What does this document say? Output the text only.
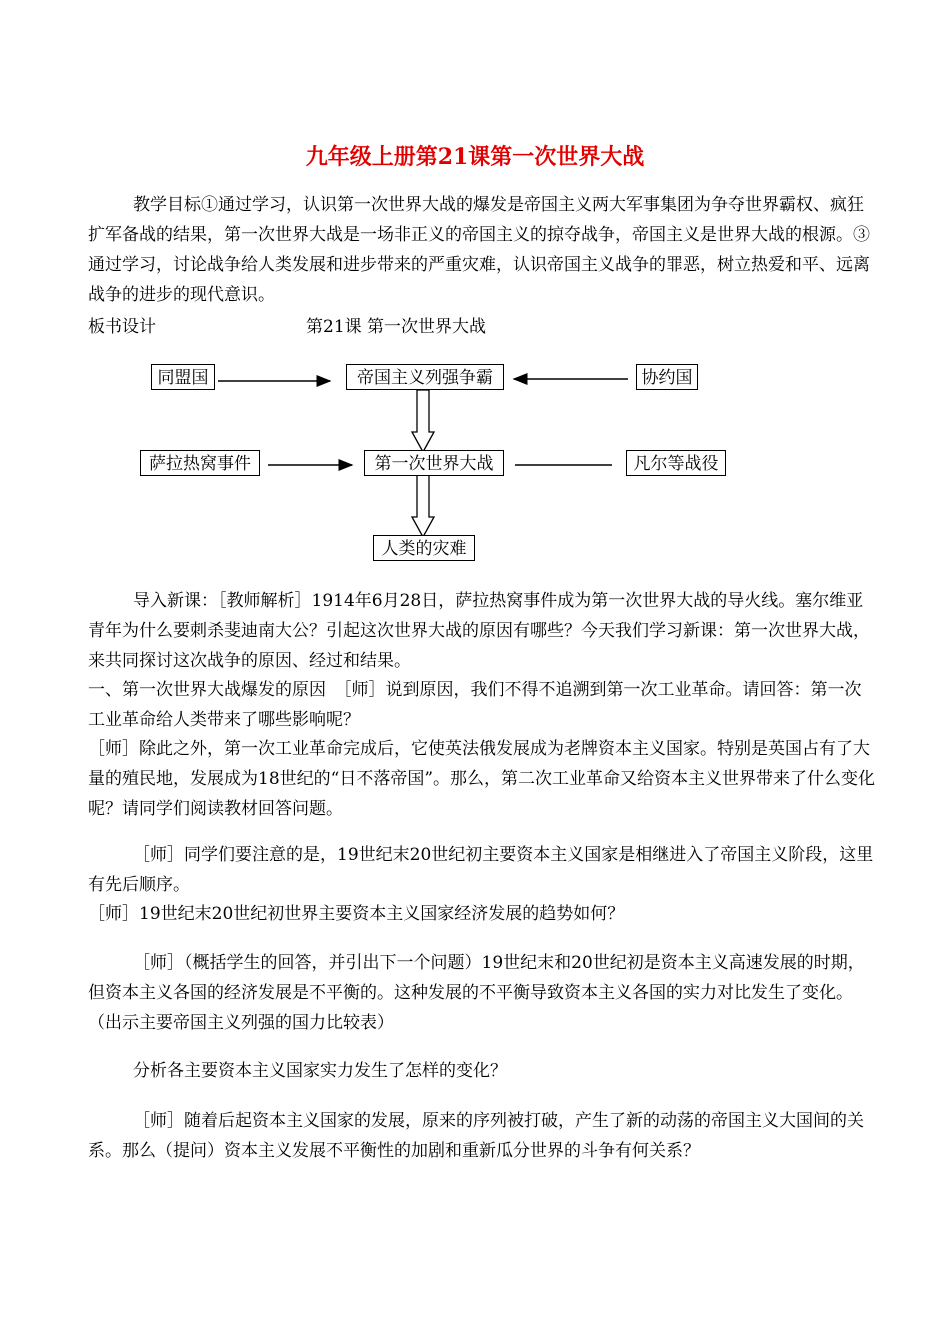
九年级上册第21课第一次世界大战

教学目标①通过学习，认识第一次世界大战的爆发是帝国主义两大军事集团为争夺世界霸权、疯狂扩军备战的结果，第一次世界大战是一场非正义的帝国主义的掠夺战争，帝国主义是世界大战的根源。③通过学习，讨论战争给人类发展和进步带来的严重灾难，认识帝国主义战争的罪恶，树立热爱和平、远离战争的进步的现代意识。

板书设计	第21课 第一次世界大战
同盟国	帝国主义列强争霸	协约国
萨拉热窝事件	第一次世界大战	凡尔等战役
人类的灾难

导入新课：［教师解析］1914年6月28日，萨拉热窝事件成为第一次世界大战的导火线。塞尔维亚青年为什么要刺杀斐迪南大公？引起这次世界大战的原因有哪些？今天我们学习新课：第一次世界大战，来共同探讨这次战争的原因、经过和结果。

一、第一次世界大战爆发的原因　［师］说到原因，我们不得不追溯到第一次工业革命。请回答：第一次工业革命给人类带来了哪些影响呢？

［师］除此之外，第一次工业革命完成后，它使英法俄发展成为老牌资本主义国家。特别是英国占有了大量的殖民地，发展成为18世纪的“日不落帝国”。那么，第二次工业革命又给资本主义世界带来了什么变化呢？请同学们阅读教材回答问题。

［师］同学们要注意的是，19世纪末20世纪初主要资本主义国家是相继进入了帝国主义阶段，这里有先后顺序。

［师］19世纪末20世纪初世界主要资本主义国家经济发展的趋势如何？

［师］（概括学生的回答，并引出下一个问题）19世纪末和20世纪初是资本主义高速发展的时期，但资本主义各国的经济发展是不平衡的。这种发展的不平衡导致资本主义各国的实力对比发生了变化。（出示主要帝国主义列强的国力比较表）

分析各主要资本主义国家实力发生了怎样的变化？

［师］随着后起资本主义国家的发展，原来的序列被打破，产生了新的动荡的帝国主义大国间的关系。那么（提问）资本主义发展不平衡性的加剧和重新瓜分世界的斗争有何关系？
